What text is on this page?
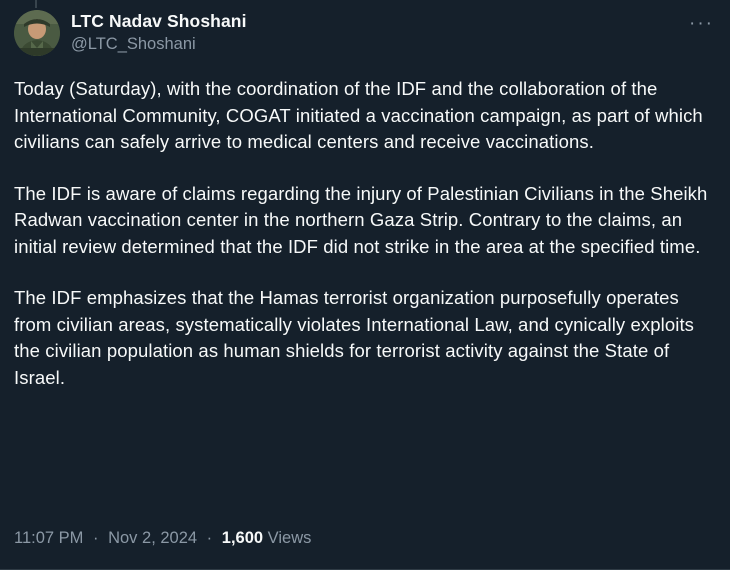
LTC Nadav Shoshani
@LTC_Shoshani
···

Today (Saturday), with the coordination of the IDF and the collaboration of the International Community, COGAT initiated a vaccination campaign, as part of which civilians can safely arrive to medical centers and receive vaccinations.

The IDF is aware of claims regarding the injury of Palestinian Civilians in the Sheikh Radwan vaccination center in the northern Gaza Strip. Contrary to the claims, an initial review determined that the IDF did not strike in the area at the specified time.

The IDF emphasizes that the Hamas terrorist organization purposefully operates from civilian areas, systematically violates International Law, and cynically exploits the civilian population as human shields for terrorist activity against the State of Israel.

11:07 PM · Nov 2, 2024 · 1,600 Views
